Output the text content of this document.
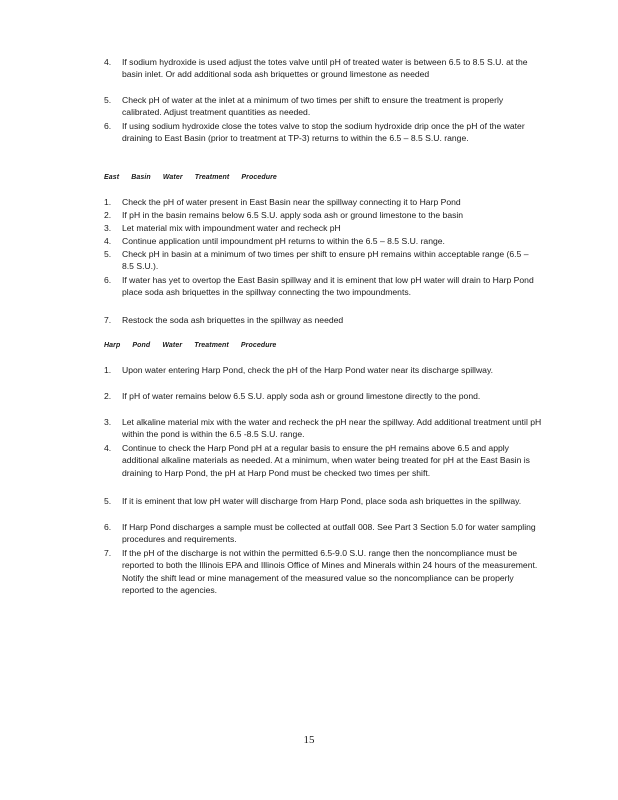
4. If sodium hydroxide is used adjust the totes valve until pH of treated water is between 6.5 to 8.5 S.U. at the basin inlet. Or add additional soda ash briquettes or ground limestone as needed
5. Check pH of water at the inlet at a minimum of two times per shift to ensure the treatment is properly calibrated. Adjust treatment quantities as needed.
6. If using sodium hydroxide close the totes valve to stop the sodium hydroxide drip once the pH of the water draining to East Basin (prior to treatment at TP-3) returns to within the 6.5 – 8.5 S.U. range.
East Basin Water Treatment Procedure
1. Check the pH of water present in East Basin near the spillway connecting it to Harp Pond
2. If pH in the basin remains below 6.5 S.U. apply soda ash or ground limestone to the basin
3. Let material mix with impoundment water and recheck pH
4. Continue application until impoundment pH returns to within the 6.5 – 8.5 S.U. range.
5. Check pH in basin at a minimum of two times per shift to ensure pH remains within acceptable range (6.5 – 8.5 S.U.).
6. If water has yet to overtop the East Basin spillway and it is eminent that low pH water will drain to Harp Pond place soda ash briquettes in the spillway connecting the two impoundments.
7. Restock the soda ash briquettes in the spillway as needed
Harp Pond Water Treatment Procedure
1. Upon water entering Harp Pond, check the pH of the Harp Pond water near its discharge spillway.
2. If pH of water remains below 6.5 S.U. apply soda ash or ground limestone directly to the pond.
3. Let alkaline material mix with the water and recheck the pH near the spillway. Add additional treatment until pH within the pond is within the 6.5 -8.5 S.U. range.
4. Continue to check the Harp Pond pH at a regular basis to ensure the pH remains above 6.5 and apply additional alkaline materials as needed. At a minimum, when water being treated for pH at the East Basin is draining to Harp Pond, the pH at Harp Pond must be checked two times per shift.
5. If it is eminent that low pH water will discharge from Harp Pond, place soda ash briquettes in the spillway.
6. If Harp Pond discharges a sample must be collected at outfall 008. See Part 3 Section 5.0 for water sampling procedures and requirements.
7. If the pH of the discharge is not within the permitted 6.5-9.0 S.U. range then the noncompliance must be reported to both the Illinois EPA and Illinois Office of Mines and Minerals within 24 hours of the measurement. Notify the shift lead or mine management of the measured value so the noncompliance can be properly reported to the agencies.
15
